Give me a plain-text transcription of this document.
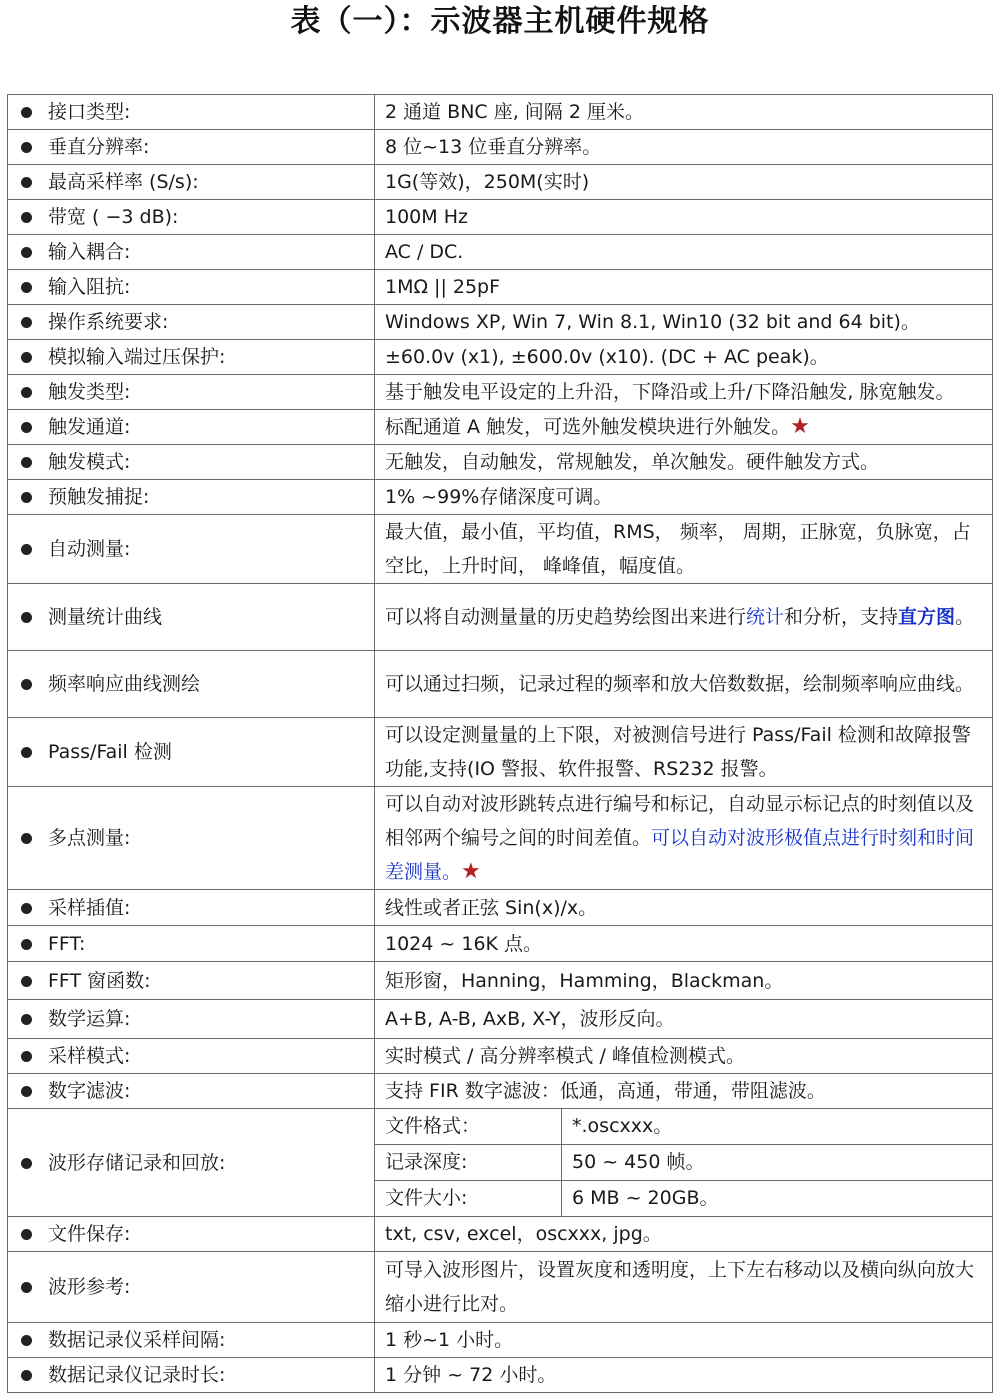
表（一）：示波器主机硬件规格
	接口类型:	2 通道 BNC 座, 间隔 2 厘米。
	垂直分辨率:	8 位~13 位垂直分辨率。
	最高采样率 (S/s):	1G(等效)，250M(实时)
	带宽 ( −3 dB):	100M Hz
	输入耦合:	AC / DC.
	输入阻抗:	1MΩ || 25pF
	操作系统要求:	Windows XP, Win 7, Win 8.1, Win10 (32 bit and 64 bit)。
	模拟输入端过压保护:	±60.0v (x1), ±600.0v (x10). (DC + AC peak)。
	触发类型:	基于触发电平设定的上升沿，下降沿或上升/下降沿触发, 脉宽触发。
	触发通道:	标配通道 A 触发，可选外触发模块进行外触发。★
	触发模式:	无触发，自动触发，常规触发，单次触发。硬件触发方式。
	预触发捕捉:	1% ~99%存储深度可调。
	自动测量:	最大值，最小值，平均值，RMS， 频率， 周期，正脉宽，负脉宽，占空比，上升时间， 峰峰值，幅度值。
	测量统计曲线	可以将自动测量量的历史趋势绘图出来进行统计和分析，支持直方图。
	频率响应曲线测绘	可以通过扫频，记录过程的频率和放大倍数数据，绘制频率响应曲线。
	Pass/Fail 检测	可以设定测量量的上下限，对被测信号进行 Pass/Fail 检测和故障报警功能,支持(IO 警报、软件报警、RS232 报警。
	多点测量:	可以自动对波形跳转点进行编号和标记，自动显示标记点的时刻值以及相邻两个编号之间的时间差值。可以自动对波形极值点进行时刻和时间差测量。★
	采样插值:	线性或者正弦 Sin(x)/x。
	FFT:	1024 ~ 16K 点。
	FFT 窗函数:	矩形窗，Hanning，Hamming，Blackman。
	数学运算:	A+B, A-B, AxB, X-Y，波形反向。
	采样模式:	实时模式 / 高分辨率模式 / 峰值检测模式。
	数字滤波:	支持 FIR 数字滤波：低通，高通，带通，带阻滤波。
	波形存储记录和回放:	
文件格式：	*.oscxxx。
记录深度:	50 ~ 450 帧。
文件大小:	6 MB ~ 20GB。

	文件保存:	txt, csv, excel，oscxxx, jpg。
	波形参考:	可导入波形图片，设置灰度和透明度，上下左右移动以及横向纵向放大缩小进行比对。
	数据记录仪采样间隔:	1 秒~1 小时。
	数据记录仪记录时长:	1 分钟 ~ 72 小时。
